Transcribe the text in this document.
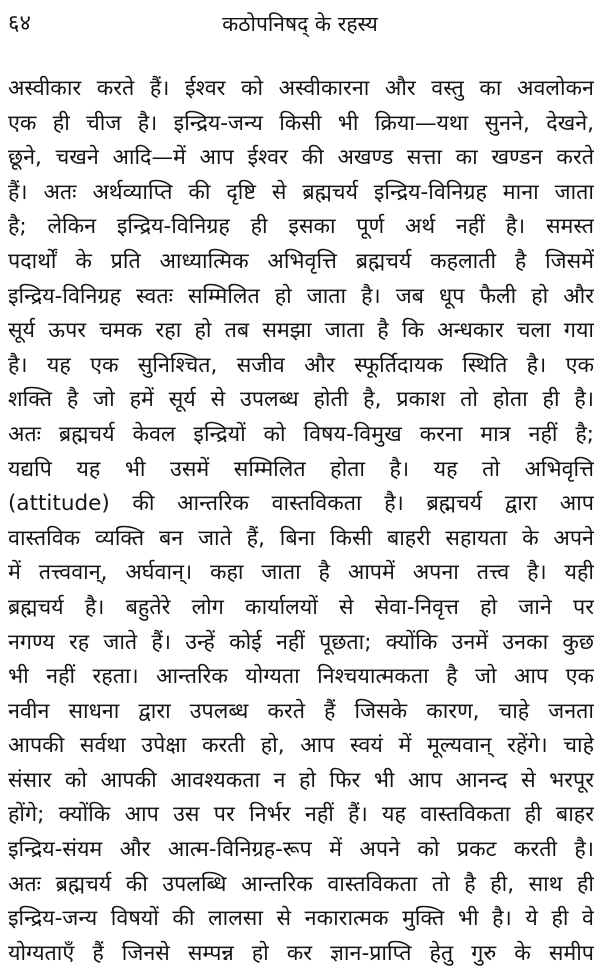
६४	कठोपनिषद् के रहस्य
अस्वीकार करते हैं। ईश्वर को अस्वीकारना और वस्तु का अवलोकन
एक ही चीज है। इन्द्रिय-जन्य किसी भी क्रिया—यथा सुनने, देखने,
छूने, चखने आदि—में आप ईश्वर की अखण्ड सत्ता का खण्डन करते
हैं। अतः अर्थव्याप्ति की दृष्टि से ब्रह्मचर्य इन्द्रिय-विनिग्रह माना जाता
है; लेकिन इन्द्रिय-विनिग्रह ही इसका पूर्ण अर्थ नहीं है। समस्त
पदार्थों के प्रति आध्यात्मिक अभिवृत्ति ब्रह्मचर्य कहलाती है जिसमें
इन्द्रिय-विनिग्रह स्वतः सम्मिलित हो जाता है। जब धूप फैली हो और
सूर्य ऊपर चमक रहा हो तब समझा जाता है कि अन्धकार चला गया
है। यह एक सुनिश्चित, सजीव और स्फूर्तिदायक स्थिति है। एक
शक्ति है जो हमें सूर्य से उपलब्ध होती है, प्रकाश तो होता ही है।
अतः ब्रह्मचर्य केवल इन्द्रियों को विषय-विमुख करना मात्र नहीं है;
यद्यपि यह भी उसमें सम्मिलित होता है। यह तो अभिवृत्ति
(attitude) की आन्तरिक वास्तविकता है। ब्रह्मचर्य द्वारा आप
वास्तविक व्यक्ति बन जाते हैं, बिना किसी बाहरी सहायता के अपने
में तत्त्ववान्, अर्घवान्। कहा जाता है आपमें अपना तत्त्व है। यही
ब्रह्मचर्य है। बहुतेरे लोग कार्यालयों से सेवा-निवृत्त हो जाने पर
नगण्य रह जाते हैं। उन्हें कोई नहीं पूछता; क्योंकि उनमें उनका कुछ
भी नहीं रहता। आन्तरिक योग्यता निश्चयात्मकता है जो आप एक
नवीन साधना द्वारा उपलब्ध करते हैं जिसके कारण, चाहे जनता
आपकी सर्वथा उपेक्षा करती हो, आप स्वयं में मूल्यवान् रहेंगे। चाहे
संसार को आपकी आवश्यकता न हो फिर भी आप आनन्द से भरपूर
होंगे; क्योंकि आप उस पर निर्भर नहीं हैं। यह वास्तविकता ही बाहर
इन्द्रिय-संयम और आत्म-विनिग्रह-रूप में अपने को प्रकट करती है।
अतः ब्रह्मचर्य की उपलब्धि आन्तरिक वास्तविकता तो है ही, साथ ही
इन्द्रिय-जन्य विषयों की लालसा से नकारात्मक मुक्ति भी है। ये ही वे
योग्यताएँ हैं जिनसे सम्पन्न हो कर ज्ञान-प्राप्ति हेतु गुरु के समीप
